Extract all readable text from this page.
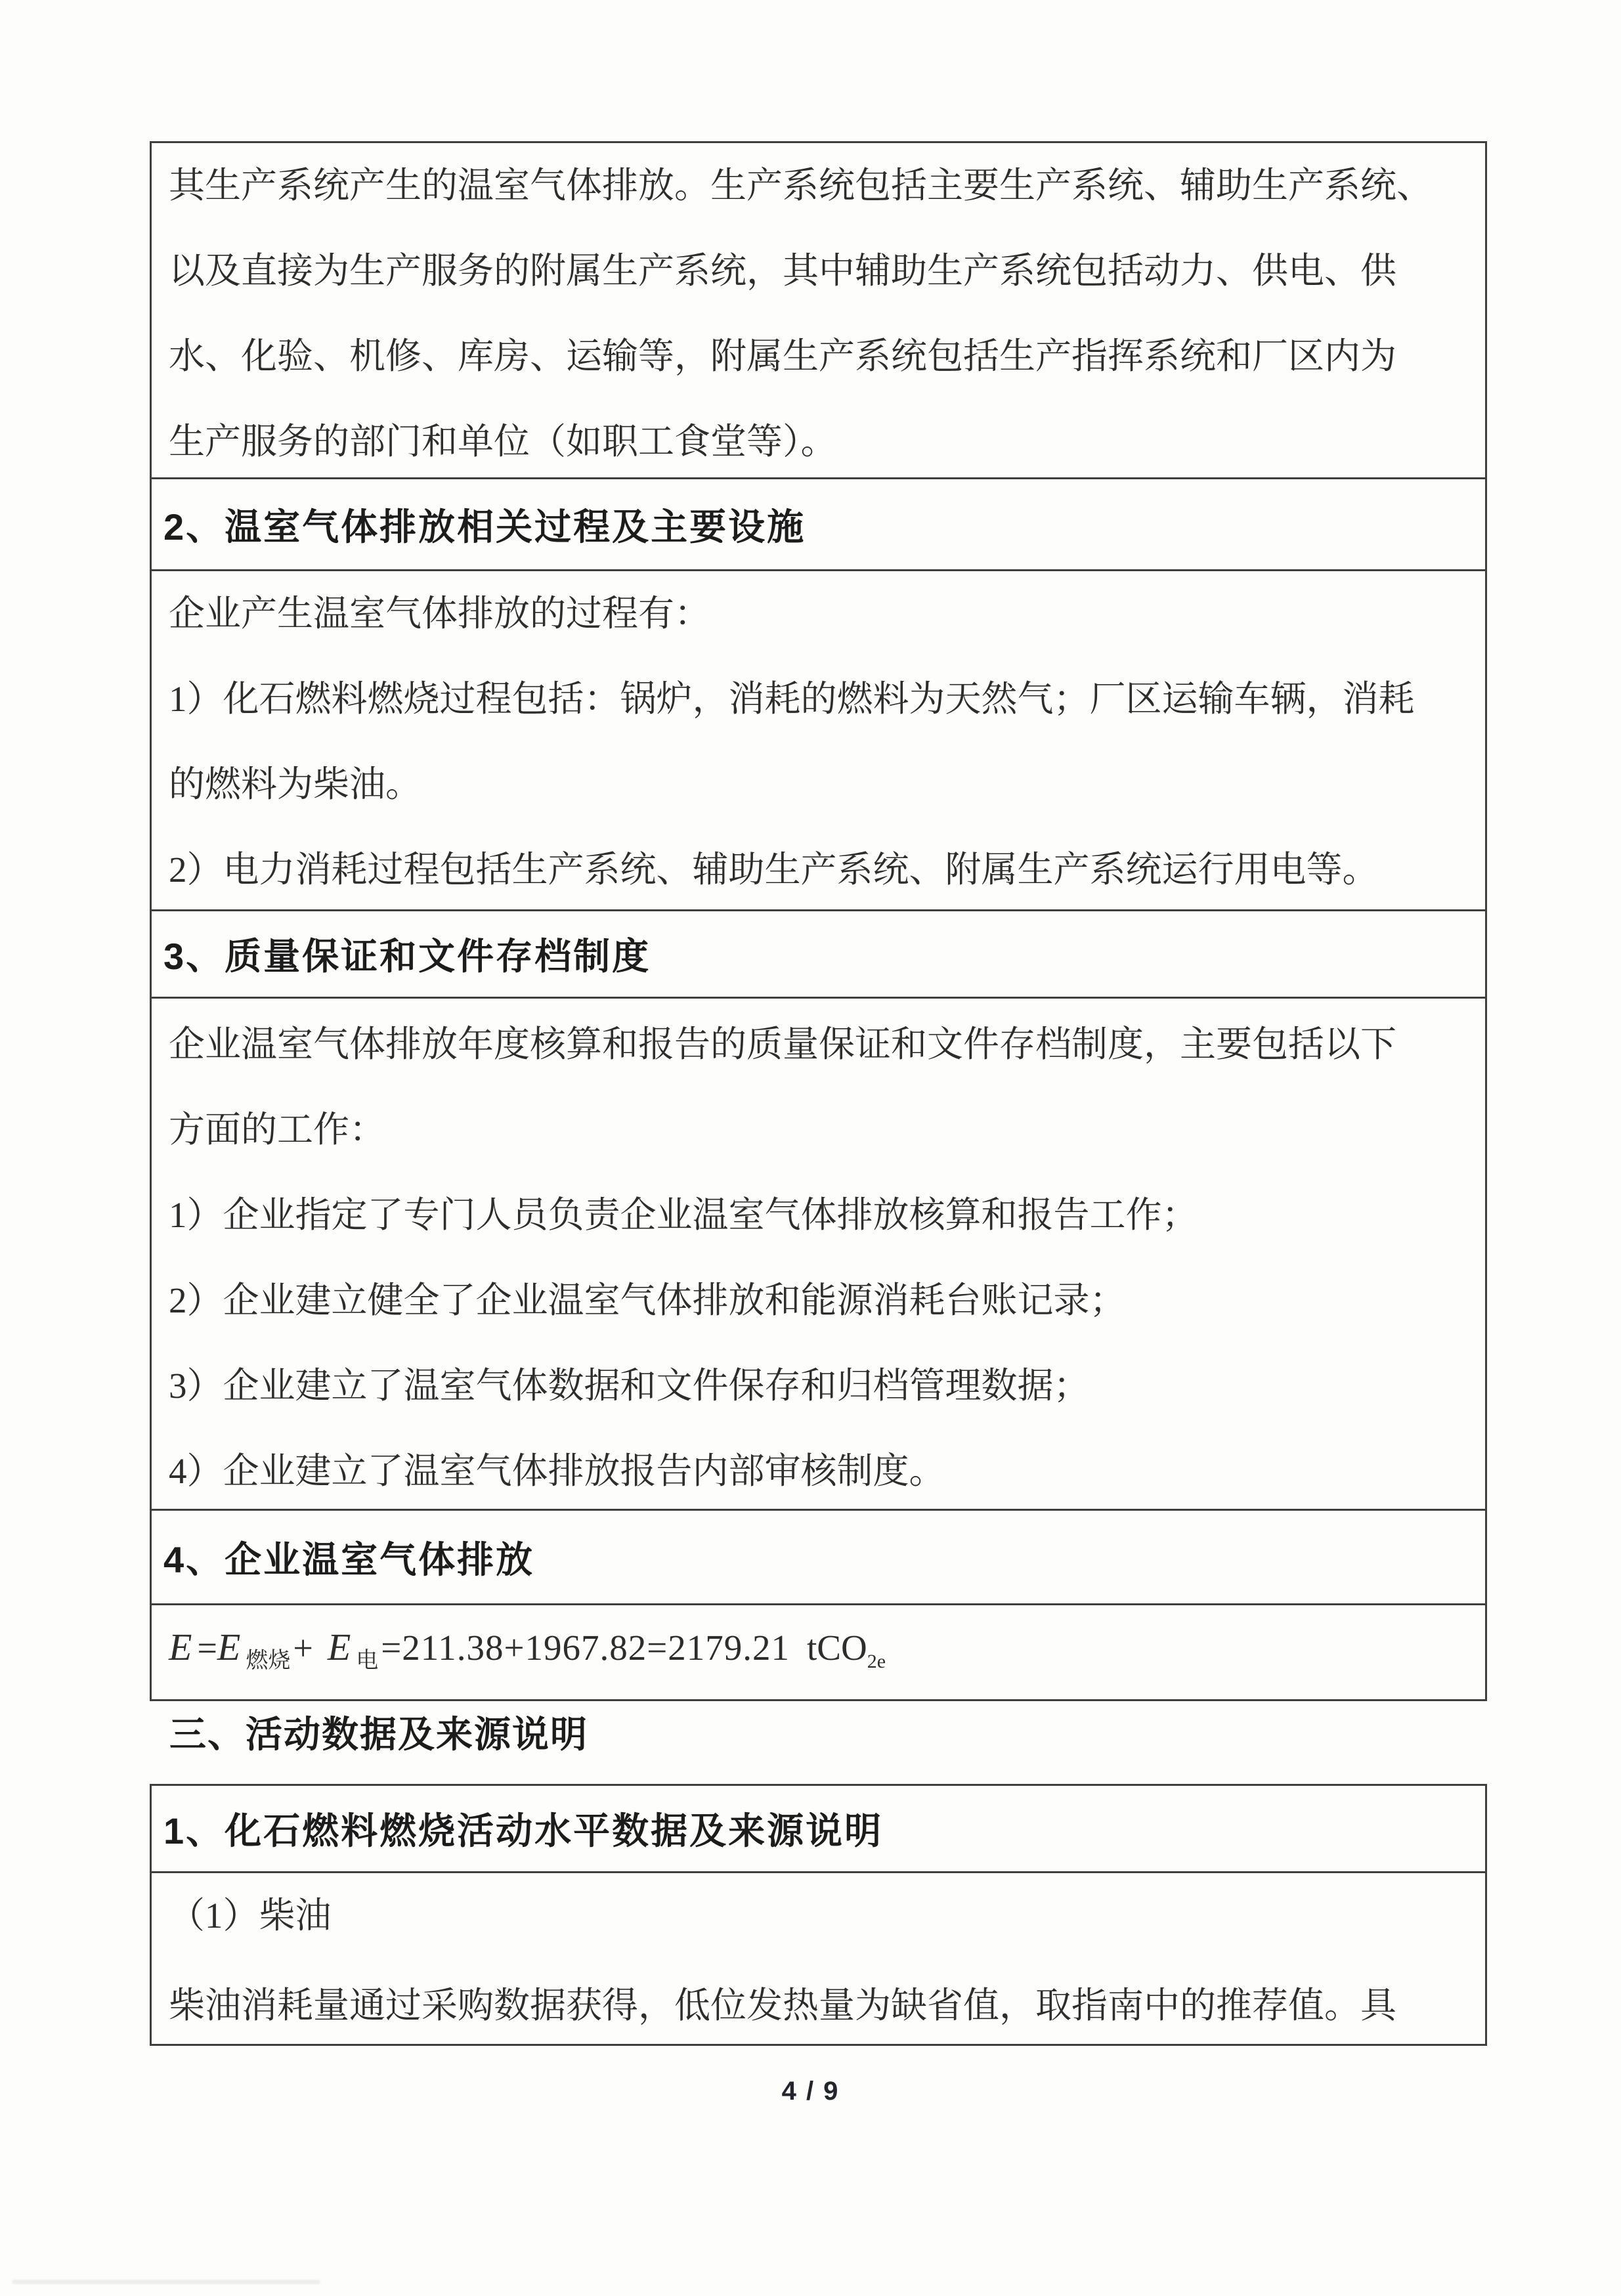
其生产系统产生的温室气体排放。生产系统包括主要生产系统、辅助生产系统、

以及直接为生产服务的附属生产系统，其中辅助生产系统包括动力、供电、供

水、化验、机修、库房、运输等，附属生产系统包括生产指挥系统和厂区内为

生产服务的部门和单位（如职工食堂等）。

2、温室气体排放相关过程及主要设施

企业产生温室气体排放的过程有：

1）化石燃料燃烧过程包括：锅炉，消耗的燃料为天然气；厂区运输车辆，消耗

的燃料为柴油。

2）电力消耗过程包括生产系统、辅助生产系统、附属生产系统运行用电等。

3、质量保证和文件存档制度

企业温室气体排放年度核算和报告的质量保证和文件存档制度，主要包括以下

方面的工作：

1）企业指定了专门人员负责企业温室气体排放核算和报告工作；

2）企业建立健全了企业温室气体排放和能源消耗台账记录；

3）企业建立了温室气体数据和文件保存和归档管理数据；

4）企业建立了温室气体排放报告内部审核制度。

4、企业温室气体排放
E = E 燃烧 + E 电 =211.38+1967.82=2179.21 tCO 2e
三、活动数据及来源说明
1、化石燃料燃烧活动水平数据及来源说明

（1）柴油

柴油消耗量通过采购数据获得，低位发热量为缺省值，取指南中的推荐值。具

4 / 9
